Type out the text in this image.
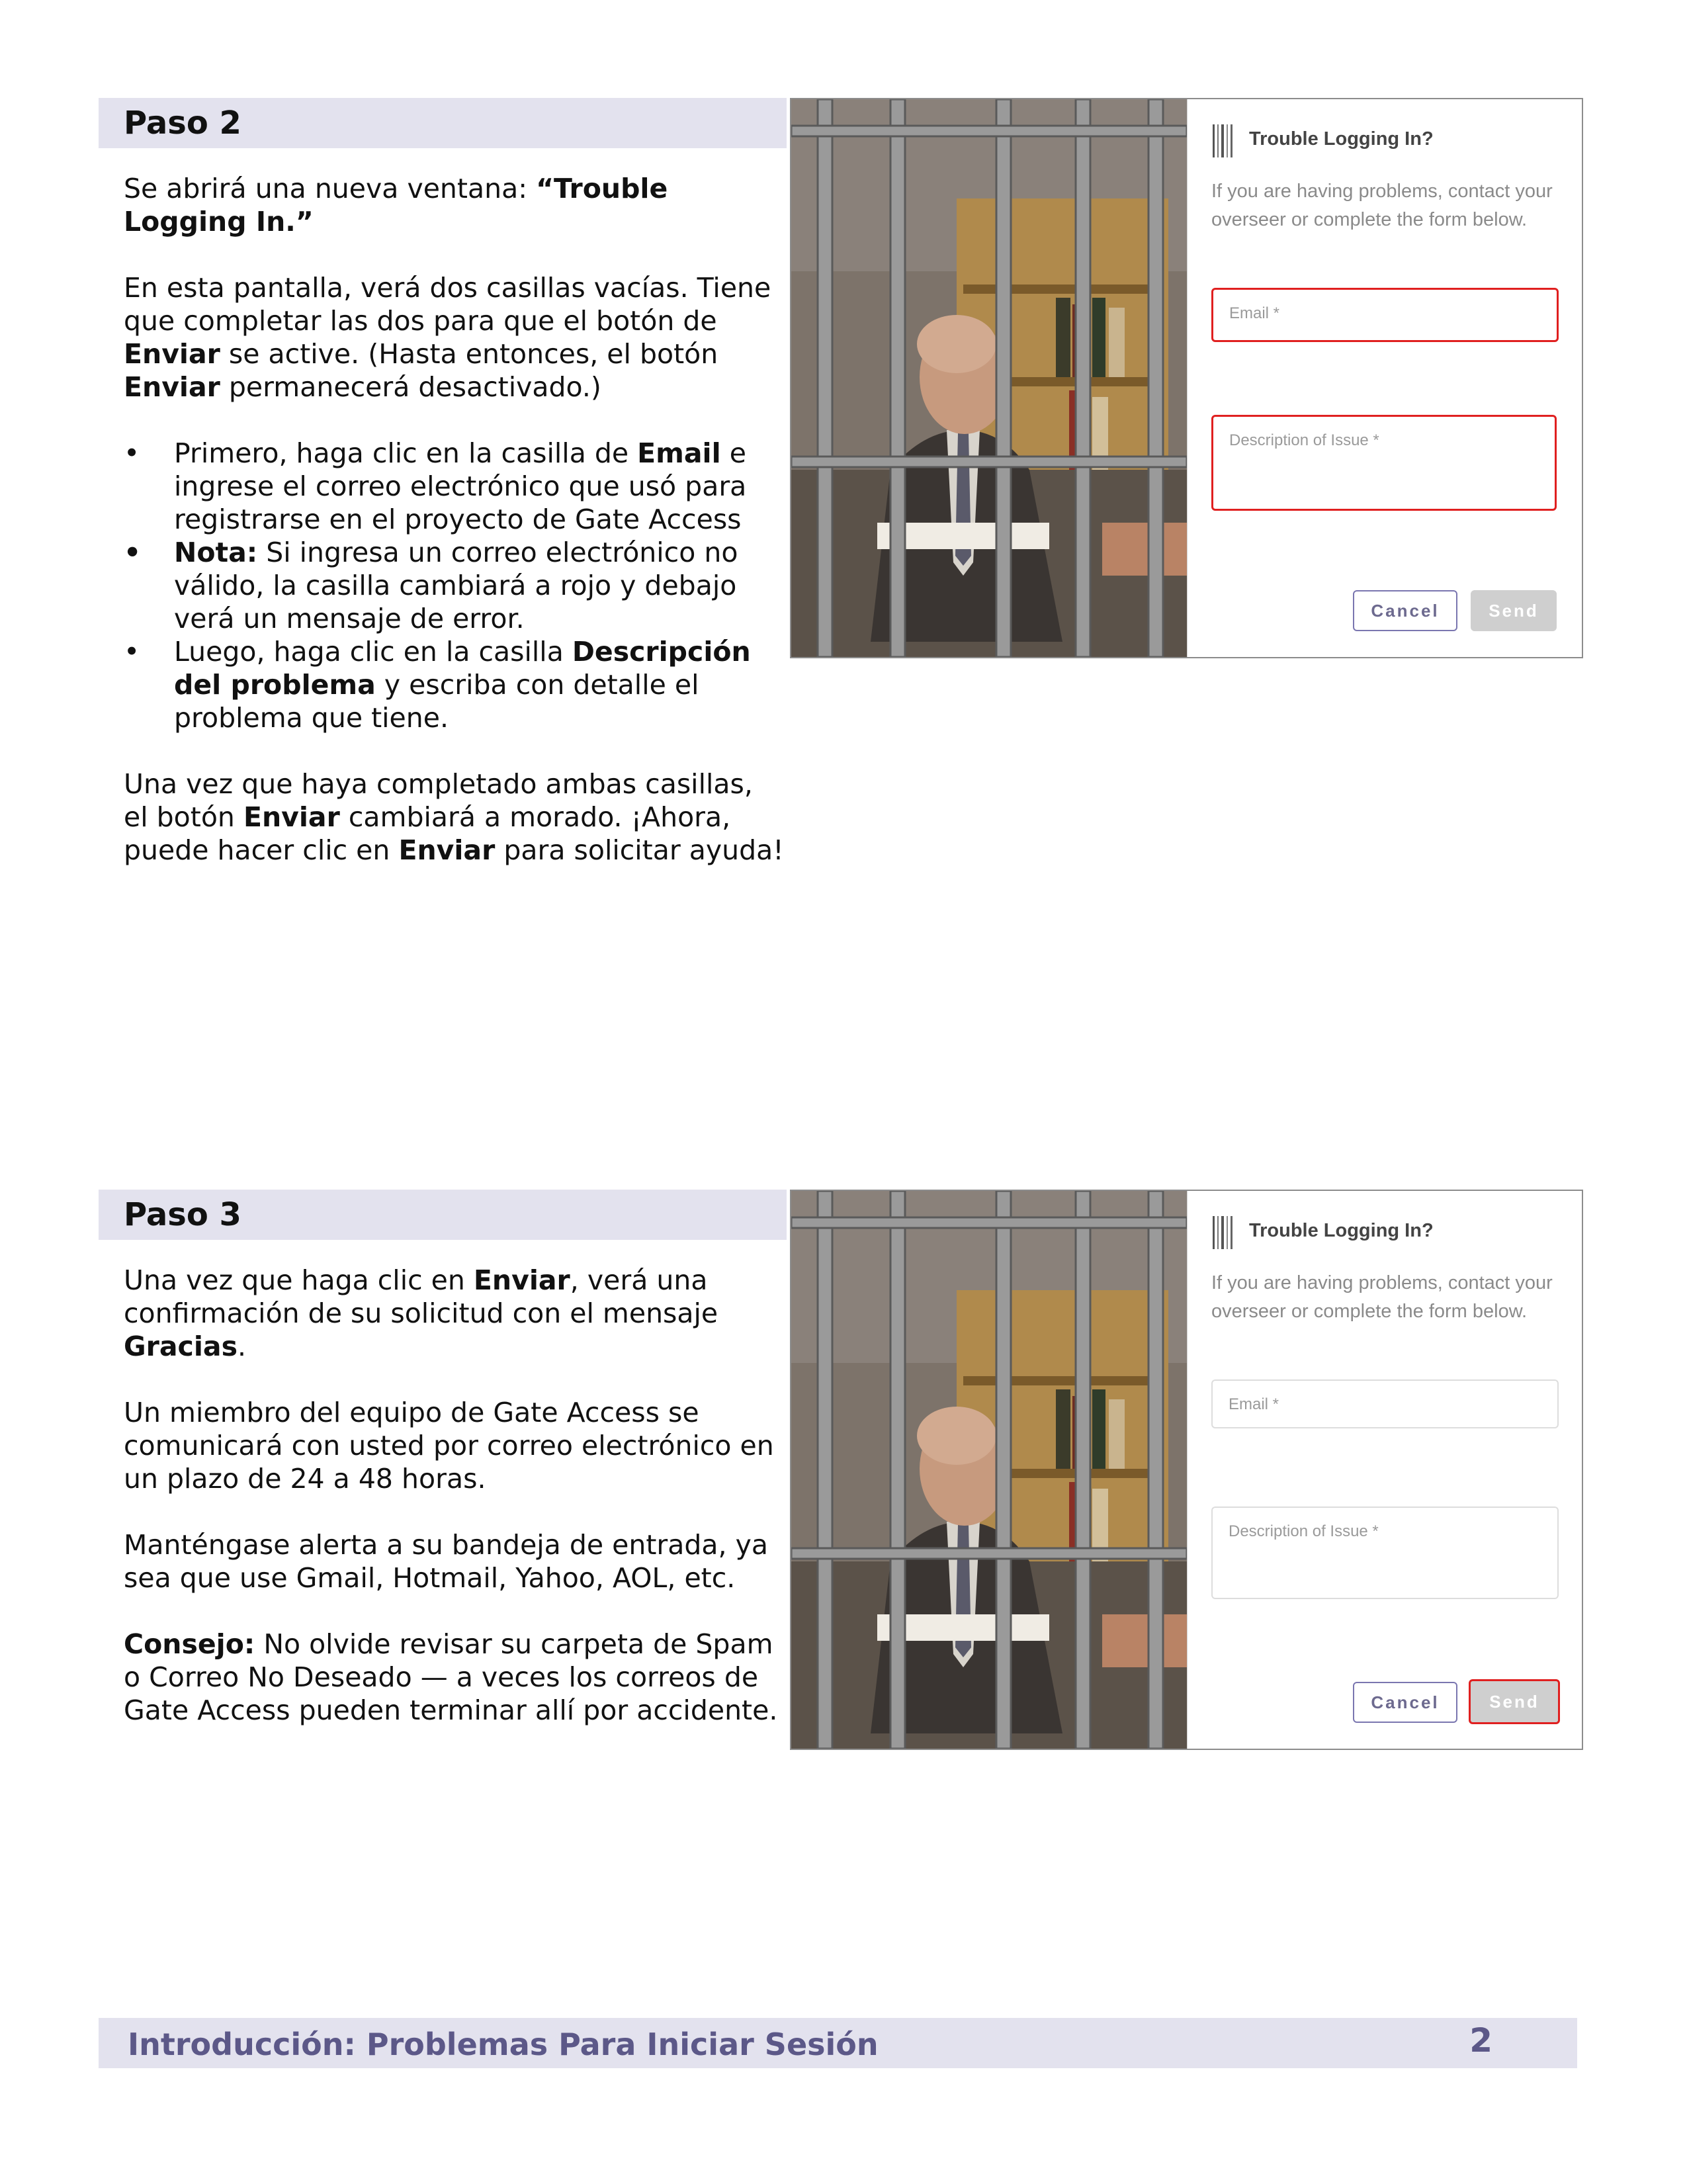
Paso 2

Se abrirá una nueva ventana: “Trouble Logging In.”

En esta pantalla, verá dos casillas vacías. Tiene que completar las dos para que el botón de Enviar se active. (Hasta entonces, el botón Enviar permanecerá desactivado.)

•	Primero, haga clic en la casilla de Email e ingrese el correo electrónico que usó para registrarse en el proyecto de Gate Access
•	Nota: Si ingresa un correo electrónico no válido, la casilla cambiará a rojo y debajo verá un mensaje de error.
•	Luego, haga clic en la casilla Descripción del problema y escriba con detalle el problema que tiene.

Una vez que haya completado ambas casillas, el botón Enviar cambiará a morado. ¡Ahora, puede hacer clic en Enviar para solicitar ayuda!

Trouble Logging In?
If you are having problems, contact your overseer or complete the form below.
Email *
Description of Issue *
Cancel	Send
Paso 3

Una vez que haga clic en Enviar, verá una confirmación de su solicitud con el mensaje Gracias.

Un miembro del equipo de Gate Access se comunicará con usted por correo electrónico en un plazo de 24 a 48 horas.

Manténgase alerta a su bandeja de entrada, ya sea que use Gmail, Hotmail, Yahoo, AOL, etc.

Consejo: No olvide revisar su carpeta de Spam o Correo No Deseado — a veces los correos de Gate Access pueden terminar allí por accidente.

Trouble Logging In?
If you are having problems, contact your overseer or complete the form below.
Email *
Description of Issue *
Cancel	Send
Introducción: Problemas Para Iniciar Sesión	2
